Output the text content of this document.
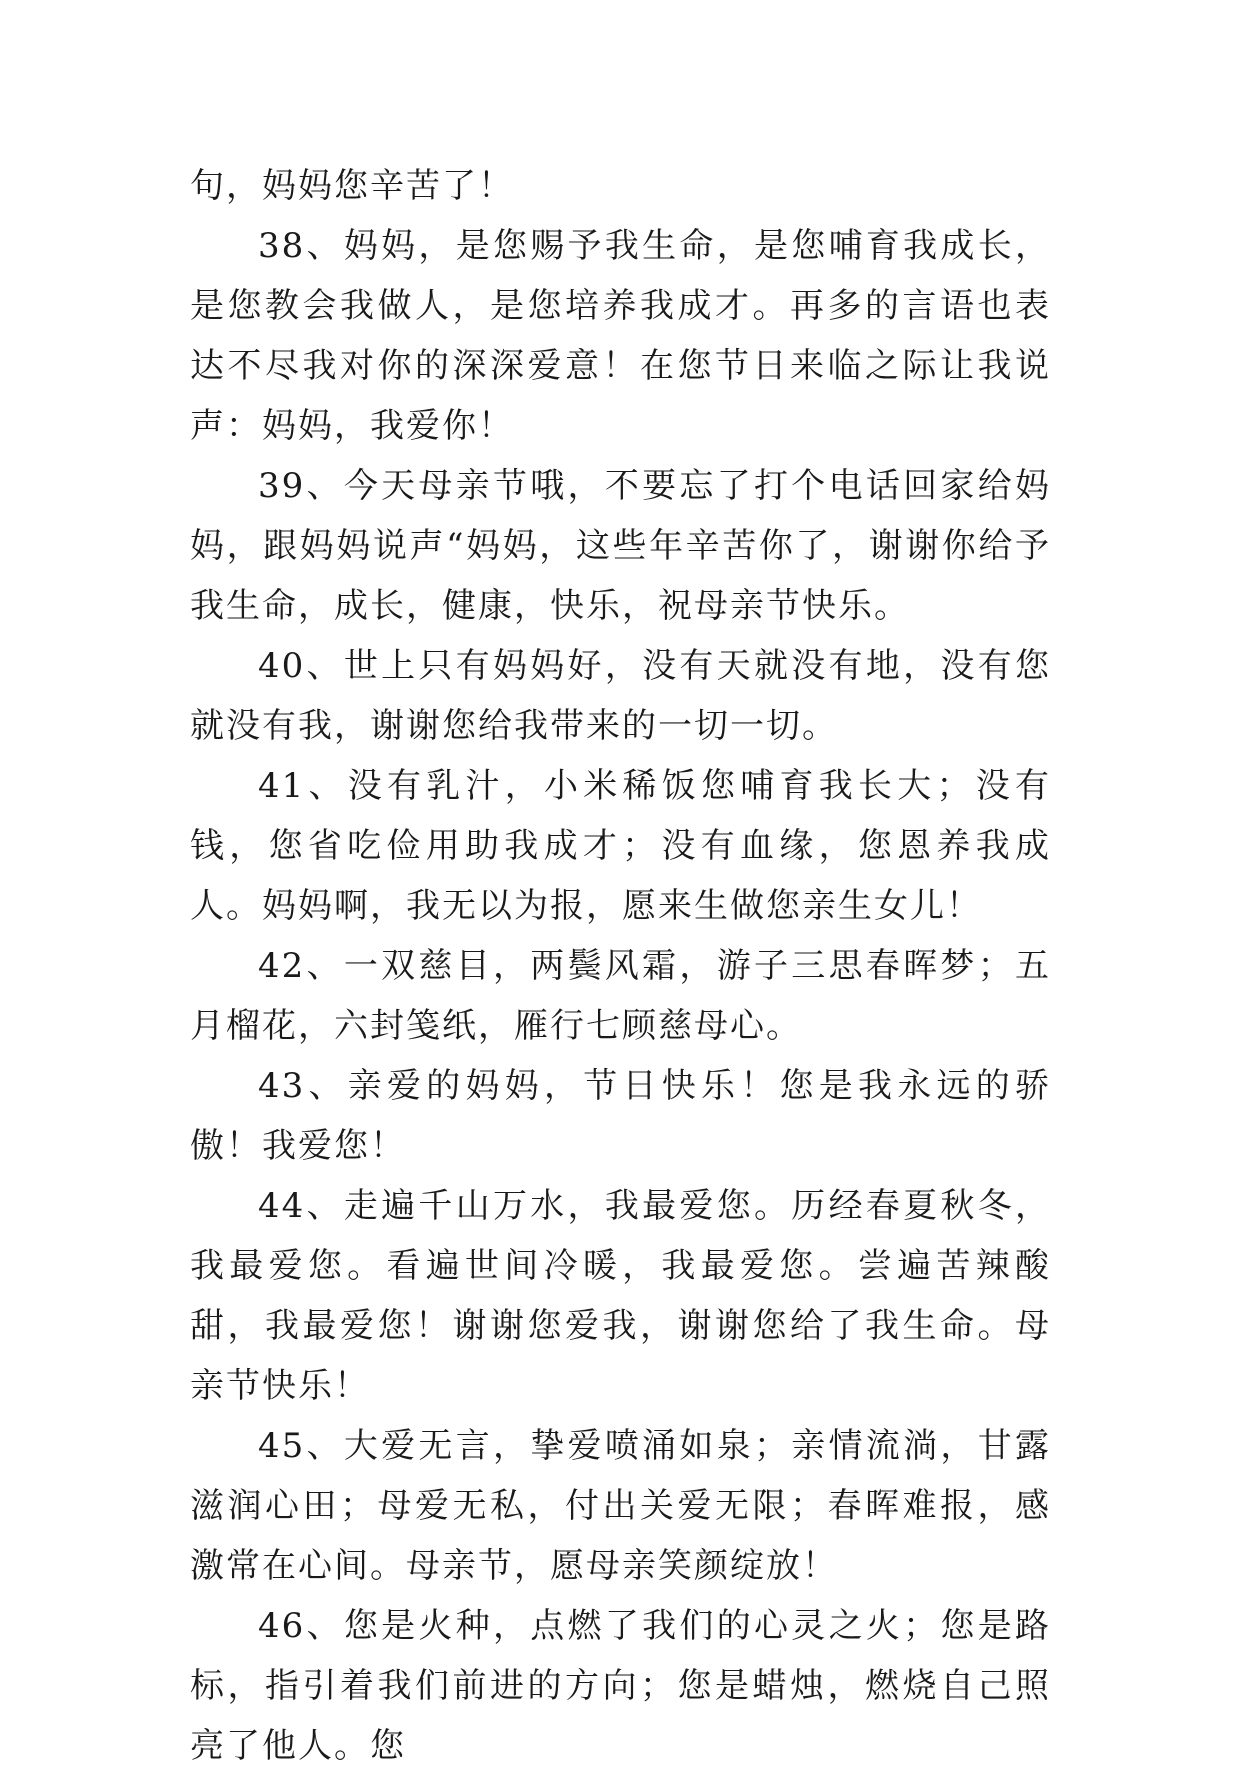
句，妈妈您辛苦了！

38、妈妈，是您赐予我生命，是您哺育我成长，是您教会我做人，是您培养我成才。再多的言语也表达不尽我对你的深深爱意！在您节日来临之际让我说声：妈妈，我爱你！

39、今天母亲节哦，不要忘了打个电话回家给妈妈，跟妈妈说声“妈妈，这些年辛苦你了，谢谢你给予我生命，成长，健康，快乐，祝母亲节快乐。

40、世上只有妈妈好，没有天就没有地，没有您就没有我，谢谢您给我带来的一切一切。

41、没有乳汁，小米稀饭您哺育我长大；没有钱，您省吃俭用助我成才；没有血缘，您恩养我成人。妈妈啊，我无以为报，愿来生做您亲生女儿！

42、一双慈目，两鬓风霜，游子三思春晖梦；五月榴花，六封笺纸，雁行七顾慈母心。

43、亲爱的妈妈，节日快乐！您是我永远的骄傲！我爱您！

44、走遍千山万水，我最爱您。历经春夏秋冬，我最爱您。看遍世间冷暖，我最爱您。尝遍苦辣酸甜，我最爱您！谢谢您爱我，谢谢您给了我生命。母亲节快乐！

45、大爱无言，挚爱喷涌如泉；亲情流淌，甘露滋润心田；母爱无私，付出关爱无限；春晖难报，感激常在心间。母亲节，愿母亲笑颜绽放！

46、您是火种，点燃了我们的心灵之火；您是路标，指引着我们前进的方向；您是蜡烛，燃烧自己照亮了他人。您
